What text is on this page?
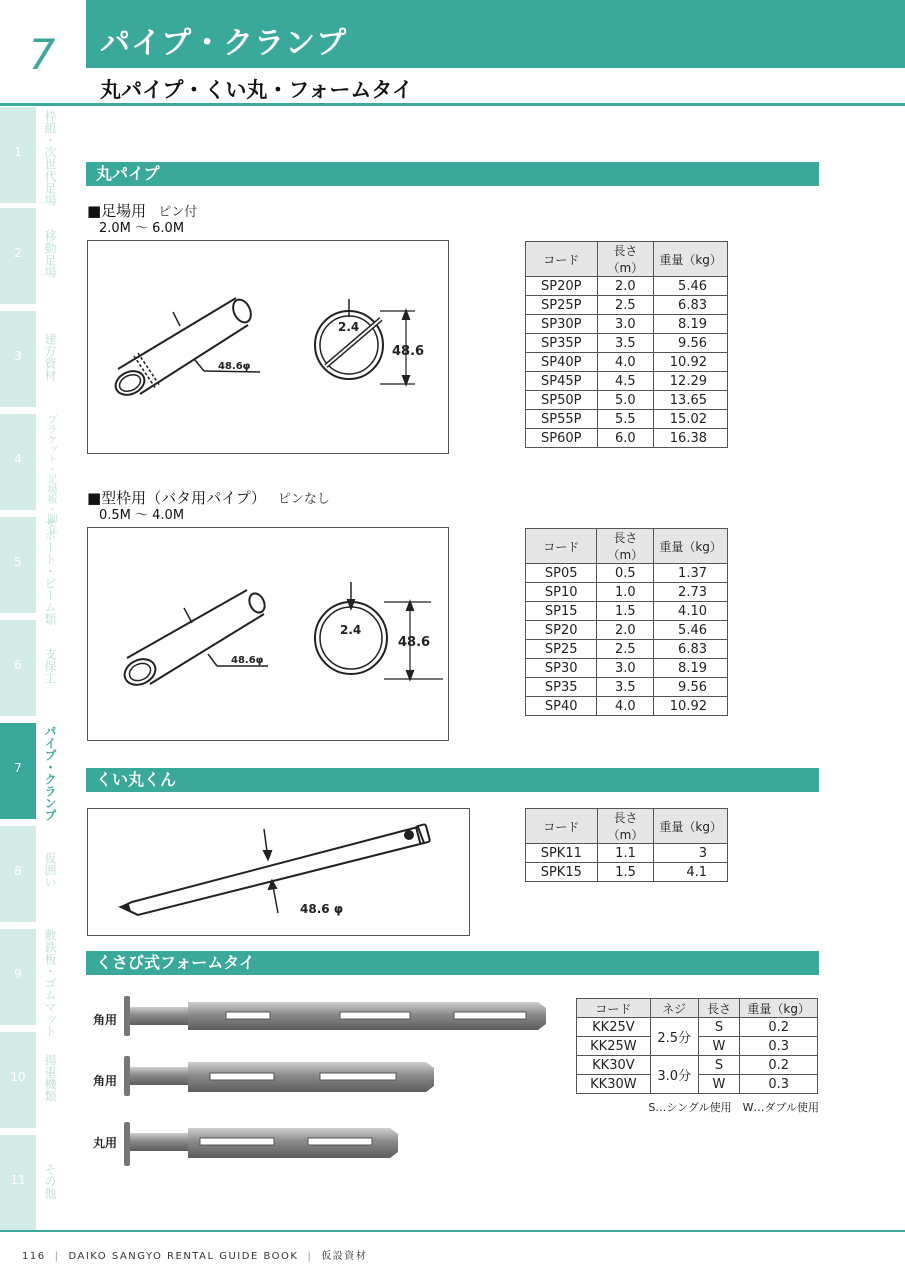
7	パイプ・クランプ
丸パイプ・くい丸・フォームタイ
1	枠組・次世代足場
2	移動足場
3	建方資材
4	ブラケット・足場板・脚立
5	サポート・ビーム類
6	支保工
7	パイプ・クランプ
8	仮囲い
9	敷鉄板・ゴムマット
10	揚重機類
11	その他
丸パイプ
■足場用 ピン付
2.0M ～ 6.0M
2.4
48.6
48.6φ
コード	長さ（m）	重量（kg）
SP20P	2.0	5.46
SP25P	2.5	6.83
SP30P	3.0	8.19
SP35P	3.5	9.56
SP40P	4.0	10.92
SP45P	4.5	12.29
SP50P	5.0	13.65
SP55P	5.5	15.02
SP60P	6.0	16.38
■型枠用（バタ用パイプ） ピンなし
0.5M ～ 4.0M
2.4
48.6
48.6φ
コード	長さ（m）	重量（kg）
SP05	0.5	1.37
SP10	1.0	2.73
SP15	1.5	4.10
SP20	2.0	5.46
SP25	2.5	6.83
SP30	3.0	8.19
SP35	3.5	9.56
SP40	4.0	10.92
くい丸くん
48.6 φ
コード	長さ（m）	重量（kg）
SPK11	1.1	3
SPK15	1.5	4.1
くさび式フォームタイ
角用
角用
丸用
コード	ネジ	長さ	重量（kg）
KK25V	2.5分	S	0.2
KK25W		W	0.3
KK30V	3.0分	S	0.2
KK30W		W	0.3
S…シングル使用　W…ダブル使用
116 | DAIKO SANGYO RENTAL GUIDE BOOK | 仮設資材
